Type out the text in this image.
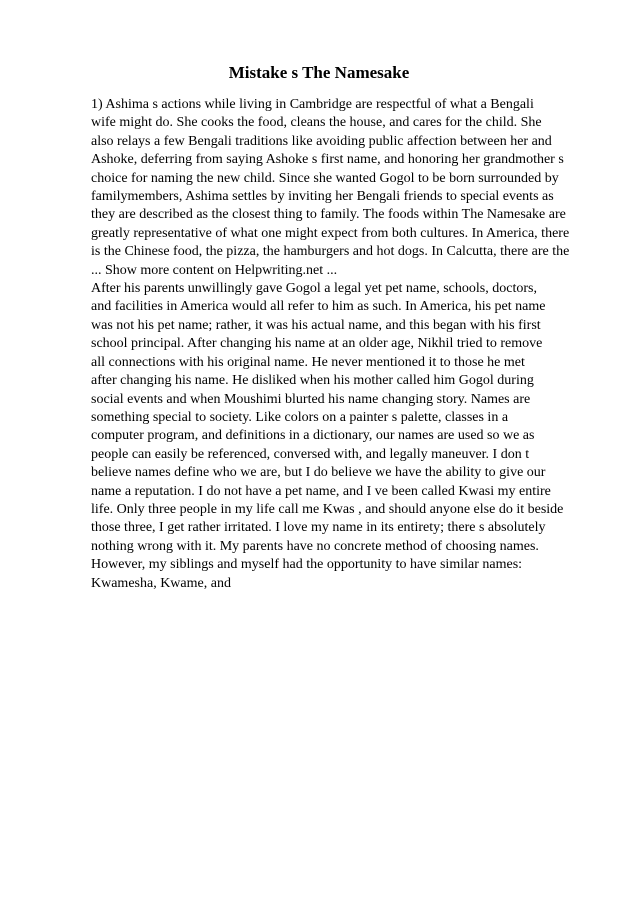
Mistake s The Namesake
1) Ashima s actions while living in Cambridge are respectful of what a Bengali
wife might do. She cooks the food, cleans the house, and cares for the child. She
also relays a few Bengali traditions like avoiding public affection between her and
Ashoke, deferring from saying Ashoke s first name, and honoring her grandmother s
choice for naming the new child. Since she wanted Gogol to be born surrounded by
familymembers, Ashima settles by inviting her Bengali friends to special events as
they are described as the closest thing to family. The foods within The Namesake are
greatly representative of what one might expect from both cultures. In America, there
is the Chinese food, the pizza, the hamburgers and hot dogs. In Calcutta, there are the
... Show more content on Helpwriting.net ...
After his parents unwillingly gave Gogol a legal yet pet name, schools, doctors,
and facilities in America would all refer to him as such. In America, his pet name
was not his pet name; rather, it was his actual name, and this began with his first
school principal. After changing his name at an older age, Nikhil tried to remove
all connections with his original name. He never mentioned it to those he met
after changing his name. He disliked when his mother called him Gogol during
social events and when Moushimi blurted his name changing story. Names are
something special to society. Like colors on a painter s palette, classes in a
computer program, and definitions in a dictionary, our names are used so we as
people can easily be referenced, conversed with, and legally maneuver. I don t
believe names define who we are, but I do believe we have the ability to give our
name a reputation. I do not have a pet name, and I ve been called Kwasi my entire
life. Only three people in my life call me Kwas , and should anyone else do it beside
those three, I get rather irritated. I love my name in its entirety; there s absolutely
nothing wrong with it. My parents have no concrete method of choosing names.
However, my siblings and myself had the opportunity to have similar names:
Kwamesha, Kwame, and
